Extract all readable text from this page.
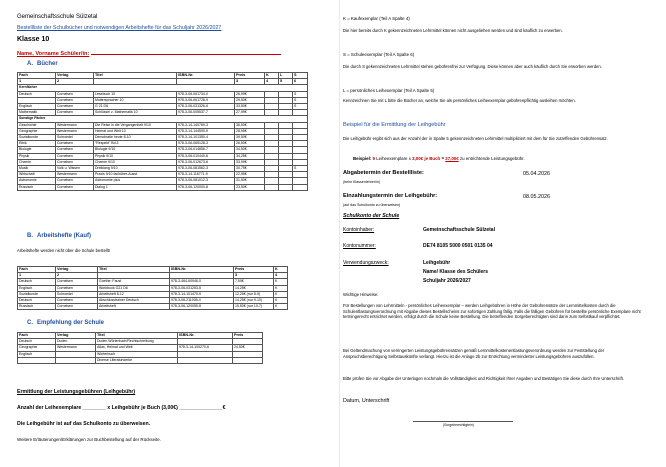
Gemeinschaftsschule Sülzetal
Bestellliste der Schulbücher und notwendigen Arbeitshefte für das Schuljahr 2026/2027
Klasse 10
Name, Vorname Schüler/in:
A. Bücher
Fach	Verlag	Titel	ISBN-Nr.	Preis	K	L	S
1	2			3	4	5	6
Kernfächer							
Deutsch	Cornelsen	Lesebuch 10	978-3-06-061734-0	26,99€			S
	Cornelsen	Mutterspracher 10	978-3-06-061728-9	29,50€			S
Englisch	Cornelsen	G 21 D6	978-3-06-031326-6	33,50€			S
Mathematik	Cornelsen	Schlüssel z. Mathematik 10	978-3-06-005537-7	27,99€			
Sonstige Fächer							
Geschichte	Westermann	Die Reise in die Vergangenheit 9/10	978-3-14-140769-3	36,50€			
Geographie	Westermann	Heimat und Welt 10	978-3-14-144590-9	28,95€			
Sozialkunde	Schroedel	Demokratie heute 8-10	978-3-14-101350-4	39,50€			
Ethik	Cornelsen	"Respekt" Bd.3	978-3-06-065128-3	26,50€			
Biologie	Cornelsen	Biologie 9/10	978-3-06-014856-7	34,50€			
Physik	Cornelsen	Physik 9/10	978-3-06-010440-6	34,25€			
Chemie	Cornelsen	Chemie 9/10	978-3-06-012673-6	33,99€			
Musik	Volk u. Wissen	Dreiklang 9/10	978-3-06-081562-3	30,75€			S
Wirtschaft	Westermann	Praxis 9/10 fachüber-Ausst.	978-3-14-116771-9	22,95€			
Astronomie	Cornelsen	Astronomie plus	978-3-06-081012-3	31,50€			
Russisch	Cornelsen	Dialog 1	978-3-06-120000-8	23,50€			
B. Arbeitshefte (Kauf)
Arbeitshefte werden nicht über die Schule bestellt!
Fach	Verlag	Titel	ISBN-Nr.	Preis	K
1	2			3	4
Deutsch	Cornelsen	Goethe: Faust	978-3-464-60946-0	7,50€	K
Englisch	Cornelsen	Workbook G21 D6	978-3-06-031253-5	14,25€	K
Sozialkunde	Schroedel	Arbeitsheft 8-12	978-3-14-101470-9	12,25€ (nur 8-9)	K
Deutsch	Cornelsen	Abschlusstrainer Deutsch	978-3-06-211005-4	14,25€ (nur 9-10)	K
Russisch	Cornelsen	Arbeitsheft	978-3-06-120055-8	15,50€ (nur 10-7)	K
C. Empfehlung der Schule
Fach	Verlag	Titel	ISBN-Nr.	Preis
Deutsch	Duden	Duden Wörterbuch/Rechtschreibung		
Geographie	Westermann	Atlas, Heimat und Welt	978-3-14-100270-6	24,50€
Englisch		Wörterbuch		
		Diverse Literaturwerke		
Ermittlung der Leistungsgebühren (Leihgebühr)
Anzahl der Leihexemplare ________ x Leihgebühr je Buch (3,00€) _______________€
Die Leihgebühr ist auf das Schulkonto zu überweisen.
Weitere Erläuterungen/Erklärungen zur Buchbestellung auf der Rückseite.
K = Kaufexemplar (Teil A Spalte 4)
Die hier bereits durch K gekennzeichneten Lehrmittel können nicht ausgeliehen werden und sind käuflich zu erwerben.
S = Schuleexemplar (Teil A Spalte 6)
Die durch S gekennzeichneten Lehrmittel stehen gebührenfrei zur Verfügung. Diese können aber auch käuflich durch Sie erworben werden.
L = persönliches Leihexemplar (Teil A Spalte 5)
Kennzeichnen Sie mit L bitte die Bücher an, welche Sie als persönliches Leiheexemplar gebührenpflichtig ausleihen möchten.
Beispiel für die Ermittlung der Leihgebühr
Die Leihgebühr ergibt sich aus der Anzahl der in Spalte 5 gekennzeichneten Lehrmittel multipliziert mit dem für Sie zutreffenden Gebührensatz.
Beispiel: 9 Leiheexemplare x 3,00€ je Buch = 27,00€ zu entrichtende Leistungsgebühr.
Abgabetermin der Bestellliste:	05.04.2026
(beim Klassenlehrer/in)
Einzahlungstermin der Leihgebühr:	08.05.2026
(auf das Schulkonto zu überweisen)
Schulkonto der Schule
Kontoinhaber:	Gemeinschaftsschule Sülzetal
Kontonummer:	DE74 8105 5000 0501 0135 04
Verwendungszweck:	Leihgebühr
Name/ Klasse des Schülers
Schuljahr 2026/2027
Wichtige Hinweise:
Für Bestellungen von Lehrmitteln - persönliches Leiheexemplar – werden Leihgebühren in Höhe der Gebührensätze der Lernmittelkosten durch die Schulentlastungsverordnung mit Abgabe dieses Bestellscheins zur sofortigen Zahlung fällig. Falls die fälligen Gebühren für bestellte persönliche Exemplare nicht termingerecht entrichtet werden, erfolgt durch die Schule keine Bestellung. Die betreffenden Sorgeberechtigten sind dann zum Selbstkauf verpflichtet.
Bei Geltendmachung von verringerten Leistungsgebührensätzen gemäß Lernmittelkostenentlastungsverordnung werden zur Feststellung der Anspruchsberechtigung Selbstauskünfte verlangt. Hierzu ist die Anlage 2b zur Entrichtung verminderter Leistungsgebühren auszufüllen.
Bitte prüfen Sie vor Abgabe der Unterlagen nochmals die Vollständigkeit und Richtigkeit Ihrer Angaben und Bestätigen Sie diese durch Ihre Unterschrift.
Datum, Unterschrift
(Sorgeberechtigte/n)
